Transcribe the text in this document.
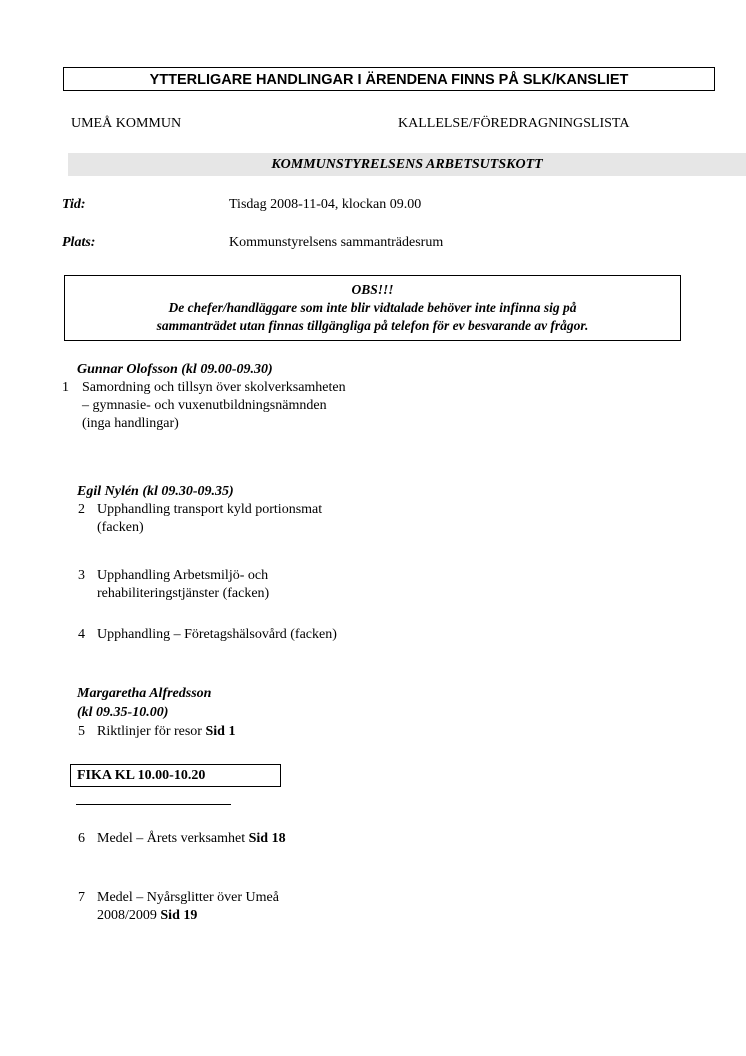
YTTERLIGARE HANDLINGAR I ÄRENDENA FINNS PÅ SLK/KANSLIET
UMEÅ KOMMUN	KALLELSE/FÖREDRAGNINGSLISTA
KOMMUNSTYRELSENS ARBETSUTSKOTT
Tid:	Tisdag 2008-11-04, klockan 09.00
Plats:	Kommunstyrelsens sammanträdesrum
OBS!!!
De chefer/handläggare som inte blir vidtalade behöver inte infinna sig på
sammanträdet utan finnas tillgängliga på telefon för ev besvarande av frågor.
Gunnar Olofsson (kl 09.00-09.30)
1 Samordning och tillsyn över skolverksamheten – gymnasie- och vuxenutbildningsnämnden (inga handlingar)
Egil Nylén (kl 09.30-09.35)
2 Upphandling transport kyld portionsmat (facken)
3 Upphandling Arbetsmiljö- och rehabiliteringstjänster (facken)
4 Upphandling – Företagshälsovård (facken)
Margaretha Alfredsson
(kl 09.35-10.00)
5 Riktlinjer för resor Sid 1
FIKA KL 10.00-10.20
6 Medel – Årets verksamhet Sid 18
7 Medel – Nyårsglitter över Umeå 2008/2009 Sid 19
